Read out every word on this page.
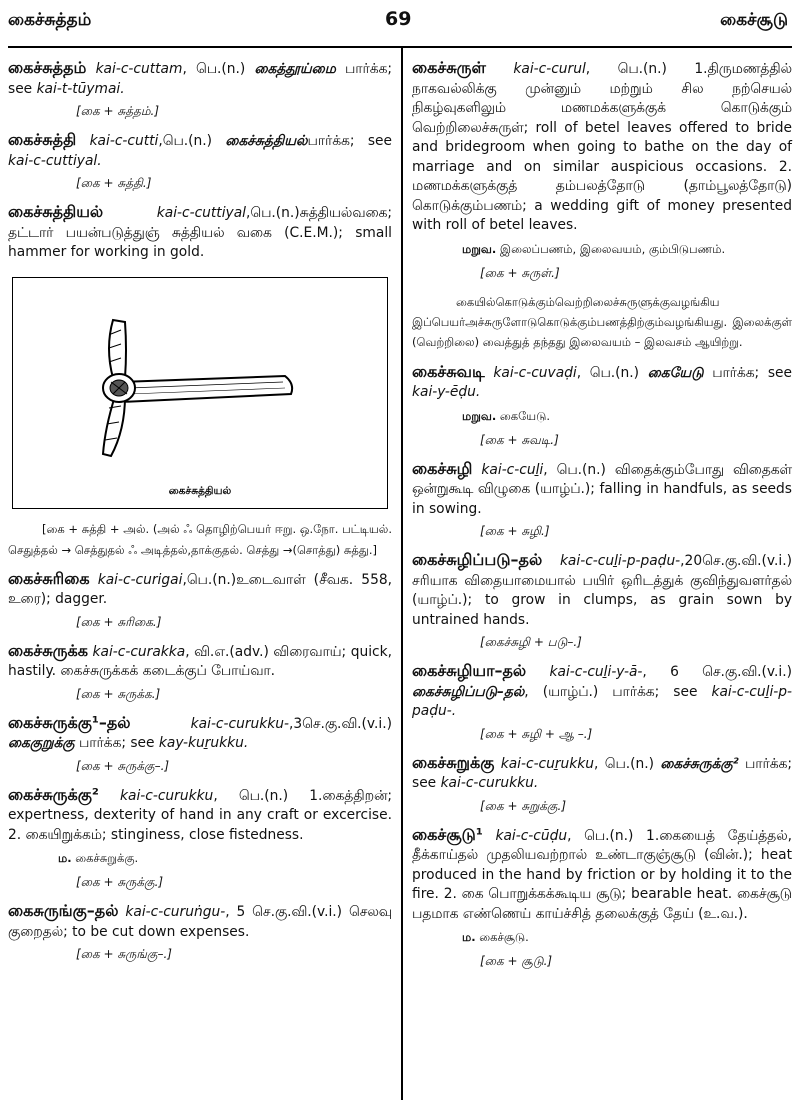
கைச்சுத்தம்	69	கைச்சூடு
கைச்சுத்தம் kai-c-cuttam, பெ.(n.) கைத்தூய்மை பார்க்க; see kai-t-tūymai.
[கை + சுத்தம்.]
கைச்சுத்தி kai-c-cutti,பெ.(n.) கைச்சுத்தியல்பார்க்க; see kai-c-cuttiyal.
[கை + சுத்தி.]
கைச்சுத்தியல்	kai-c-cuttiyal,பெ.(n.)சுத்தியல்வகை; தட்டார் பயன்படுத்துஞ் சுத்தியல் வகை (C.E.M.); small hammer for working in gold.
கைச்சுத்தியல்
[கை + சுத்தி + அல். (அல் ஃ தொழிற்பெயர் ஈறு. ஒ.நோ. பட்டியல். செதுத்தல் → செத்துதல் ஃ அடித்தல்,தாக்குதல். செத்து →(சொத்து) சுத்து.]
கைச்சுரிகை kai-c-curigai,பெ.(n.)உடைவாள் (சீவக. 558, உரை); dagger.
[கை + சுரிகை.]
கைச்சுருக்க kai-c-curakka, வி.எ.(adv.) விரைவாய்; quick, hastily. கைச்சுருக்கக் கடைக்குப் போய்வா.
[கை + சுருக்க.]
கைச்சுருக்கு¹–தல்	kai-c-curukku-,3செ.கு.வி.(v.i.) கைகுறுக்கு பார்க்க; see kay-kuṟukku.
[கை + சுருக்கு–.]
கைச்சுருக்கு² kai-c-curukku, பெ.(n.) 1.கைத்திறன்; expertness, dexterity of hand in any craft or excercise. 2. கையிறுக்கம்; stinginess, close fistedness.
ம. கைச்சுறுக்கு.
[கை + சுருக்கு.]
கைசுருங்கு–தல் kai-c-curuṅgu-, 5 செ.கு.வி.(v.i.) செலவு குறைதல்; to be cut down expenses.
[கை + சுருங்கு–.]
கைச்சுருள் kai-c-curul, பெ.(n.) 1.திருமணத்தில் நாகவல்லிக்கு முன்னும் மற்றும் சில நற்செயல் நிகழ்வுகளிலும் மணமக்களுக்குக் கொடுக்கும் வெற்றிலைச்சுருள்; roll of betel leaves offered to bride and bridegroom when going to bathe on the day of marriage and on similar auspicious occasions. 2. மணமக்களுக்குத் தம்பலத்தோடு (தாம்பூலத்தோடு) கொடுக்கும்பணம்; a wedding gift of money presented with roll of betel leaves.
மறுவ. இலைப்பணம், இலைவயம், கும்பிடுபணம்.
[கை + சுருள்.]
கையில்கொடுக்கும்வெற்றிலைச்சுருளுக்குவழங்கிய இப்பெயர்அச்சுருளோடுகொடுக்கும்பணத்திற்கும்வழங்கியது. இலைக்குள் (வெற்றிலை) வைத்துத் தந்தது இலைவயம் – இலவசம் ஆயிற்று.
கைச்சுவடி kai-c-cuvaḍi, பெ.(n.) கையேடு பார்க்க; see kai-y-ēḍu.
மறுவ. கையேடு.
[கை + சுவடி.]
கைச்சுழி kai-c-cuḻi, பெ.(n.) விதைக்கும்போது விதைகள் ஒன்றுகூடி விழுகை (யாழ்ப்.); falling in handfuls, as seeds in sowing.
[கை + சுழி.]
கைச்சுழிப்படு–தல் kai-c-cuḻi-p-paḍu-,20செ.கு.வி.(v.i.) சரியாக விதையாமையால் பயிர் ஒரிடத்துக் குவிந்துவளர்தல் (யாழ்ப்.); to grow in clumps, as grain sown by untrained hands.
[கைச்சுழி + படு–.]
கைச்சுழியா–தல் kai-c-cuḻi-y-ā-, 6 செ.கு.வி.(v.i.) கைச்சுழிப்படு–தல், (யாழ்ப்.) பார்க்க; see kai-c-cuḻi-p-paḍu-.
[கை + சுழி + ஆ –.]
கைச்சுறுக்கு kai-c-cuṟukku, பெ.(n.) கைச்சுருக்கு² பார்க்க; see kai-c-curukku.
[கை + சுறுக்கு.]
கைச்சூடு¹ kai-c-cūḍu, பெ.(n.) 1.கையைத் தேய்த்தல், தீக்காய்தல் முதலியவற்றால் உண்டாகுஞ்சூடு (வின்.); heat produced in the hand by friction or by holding it to the fire. 2. கை பொறுக்கக்கூடிய சூடு; bearable heat. கைச்சூடு பதமாக எண்ணெய் காய்ச்சித் தலைக்குத் தேய் (உ.வ.).
ம. கைச்சூடு.
[கை + சூடு.]
